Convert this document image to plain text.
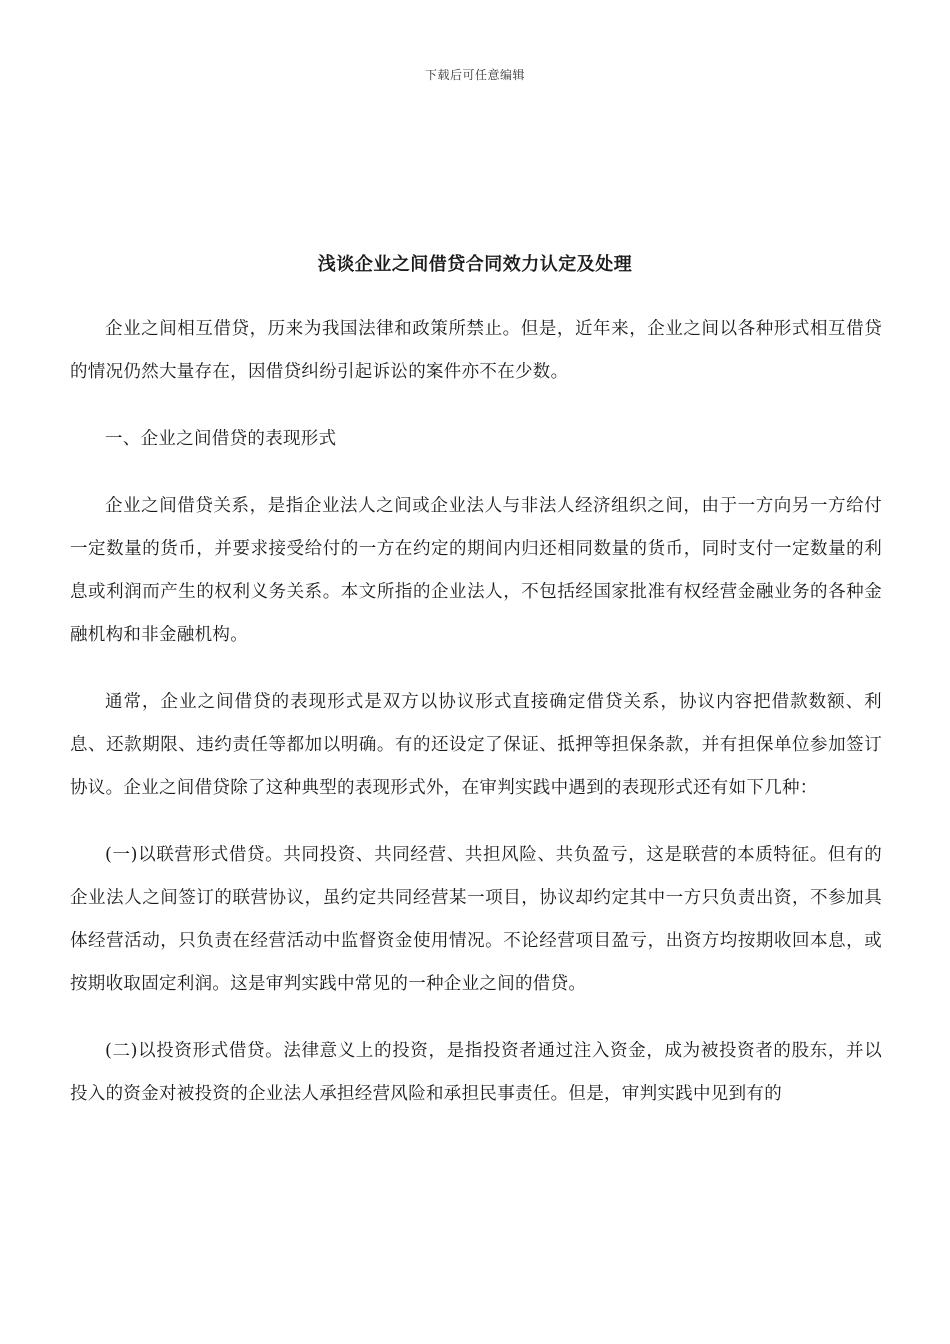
下载后可任意编辑
浅谈企业之间借贷合同效力认定及处理

企业之间相互借贷，历来为我国法律和政策所禁止。但是，近年来，企业之间以各种形式相互借贷的情况仍然大量存在，因借贷纠纷引起诉讼的案件亦不在少数。

一、企业之间借贷的表现形式

企业之间借贷关系，是指企业法人之间或企业法人与非法人经济组织之间，由于一方向另一方给付一定数量的货币，并要求接受给付的一方在约定的期间内归还相同数量的货币，同时支付一定数量的利息或利润而产生的权利义务关系。本文所指的企业法人，不包括经国家批准有权经营金融业务的各种金融机构和非金融机构。

通常，企业之间借贷的表现形式是双方以协议形式直接确定借贷关系，协议内容把借款数额、利息、还款期限、违约责任等都加以明确。有的还设定了保证、抵押等担保条款，并有担保单位参加签订协议。企业之间借贷除了这种典型的表现形式外，在审判实践中遇到的表现形式还有如下几种：

(一)以联营形式借贷。共同投资、共同经营、共担风险、共负盈亏，这是联营的本质特征。但有的企业法人之间签订的联营协议，虽约定共同经营某一项目，协议却约定其中一方只负责出资，不参加具体经营活动，只负责在经营活动中监督资金使用情况。不论经营项目盈亏，出资方均按期收回本息，或按期收取固定利润。这是审判实践中常见的一种企业之间的借贷。

(二)以投资形式借贷。法律意义上的投资，是指投资者通过注入资金，成为被投资者的股东，并以投入的资金对被投资的企业法人承担经营风险和承担民事责任。但是，审判实践中见到有的
